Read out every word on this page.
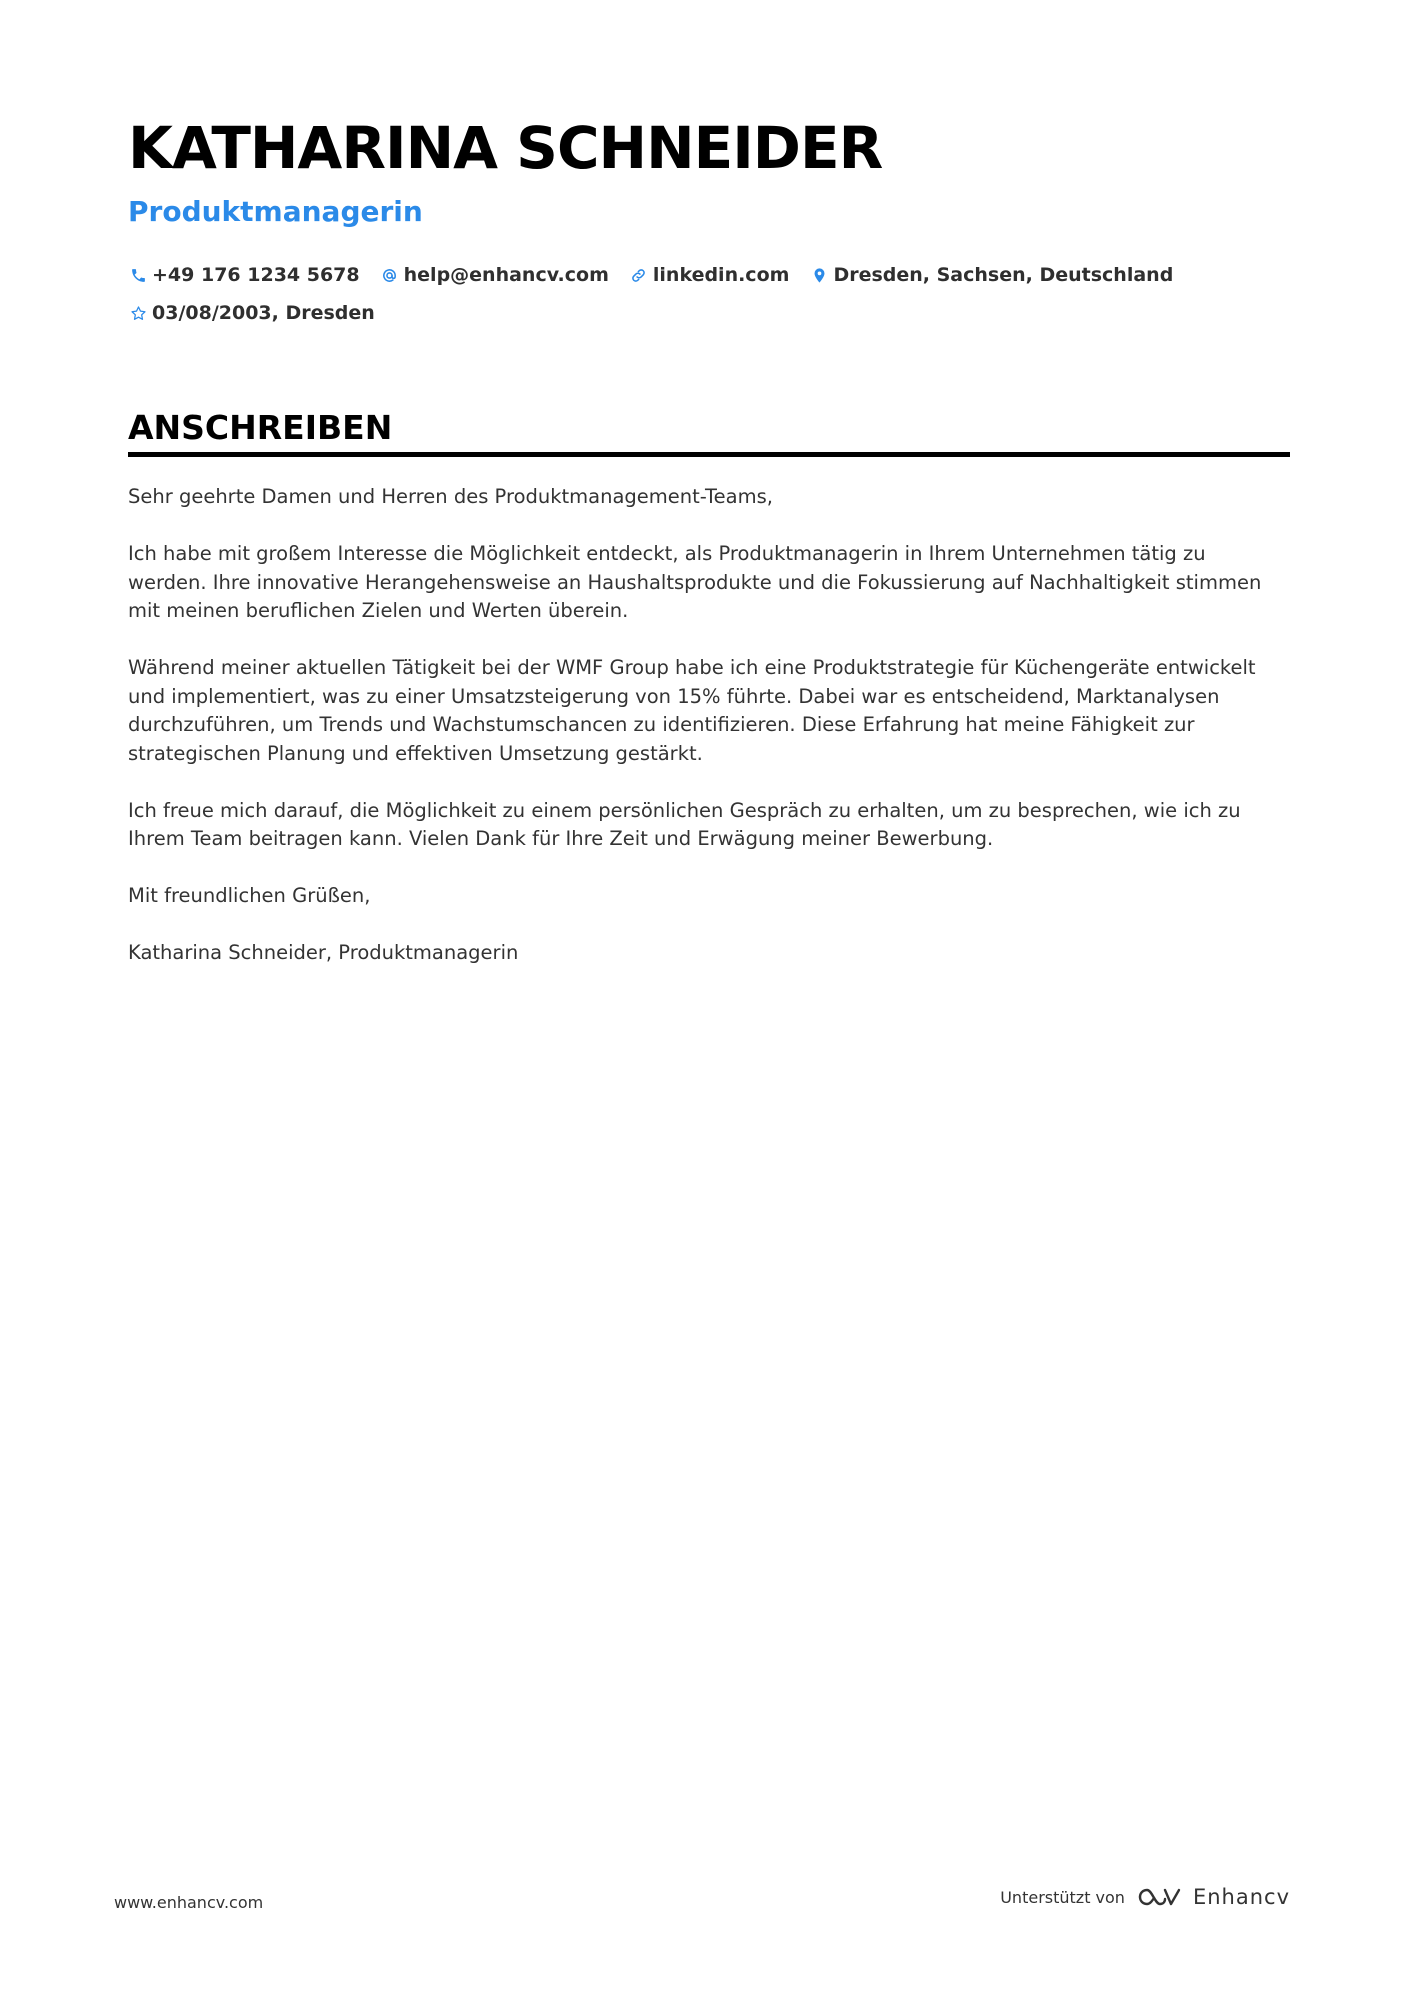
KATHARINA SCHNEIDER
Produktmanagerin
+49 176 1234 5678 help@enhancv.com linkedin.com Dresden, Sachsen, Deutschland
03/08/2003, Dresden
ANSCHREIBEN

Sehr geehrte Damen und Herren des Produktmanagement-Teams,

Ich habe mit großem Interesse die Möglichkeit entdeckt, als Produktmanagerin in Ihrem Unternehmen tätig zu werden. Ihre innovative Herangehensweise an Haushaltsprodukte und die Fokussierung auf Nachhaltigkeit stimmen mit meinen beruflichen Zielen und Werten überein.

Während meiner aktuellen Tätigkeit bei der WMF Group habe ich eine Produktstrategie für Küchengeräte entwickelt und implementiert, was zu einer Umsatzsteigerung von 15% führte. Dabei war es entscheidend, Marktanalysen durchzuführen, um Trends und Wachstumschancen zu identifizieren. Diese Erfahrung hat meine Fähigkeit zur strategischen Planung und effektiven Umsetzung gestärkt.

Ich freue mich darauf, die Möglichkeit zu einem persönlichen Gespräch zu erhalten, um zu besprechen, wie ich zu Ihrem Team beitragen kann. Vielen Dank für Ihre Zeit und Erwägung meiner Bewerbung.

Mit freundlichen Grüßen,

Katharina Schneider, Produktmanagerin

www.enhancv.com	Unterstützt von	Enhancv
